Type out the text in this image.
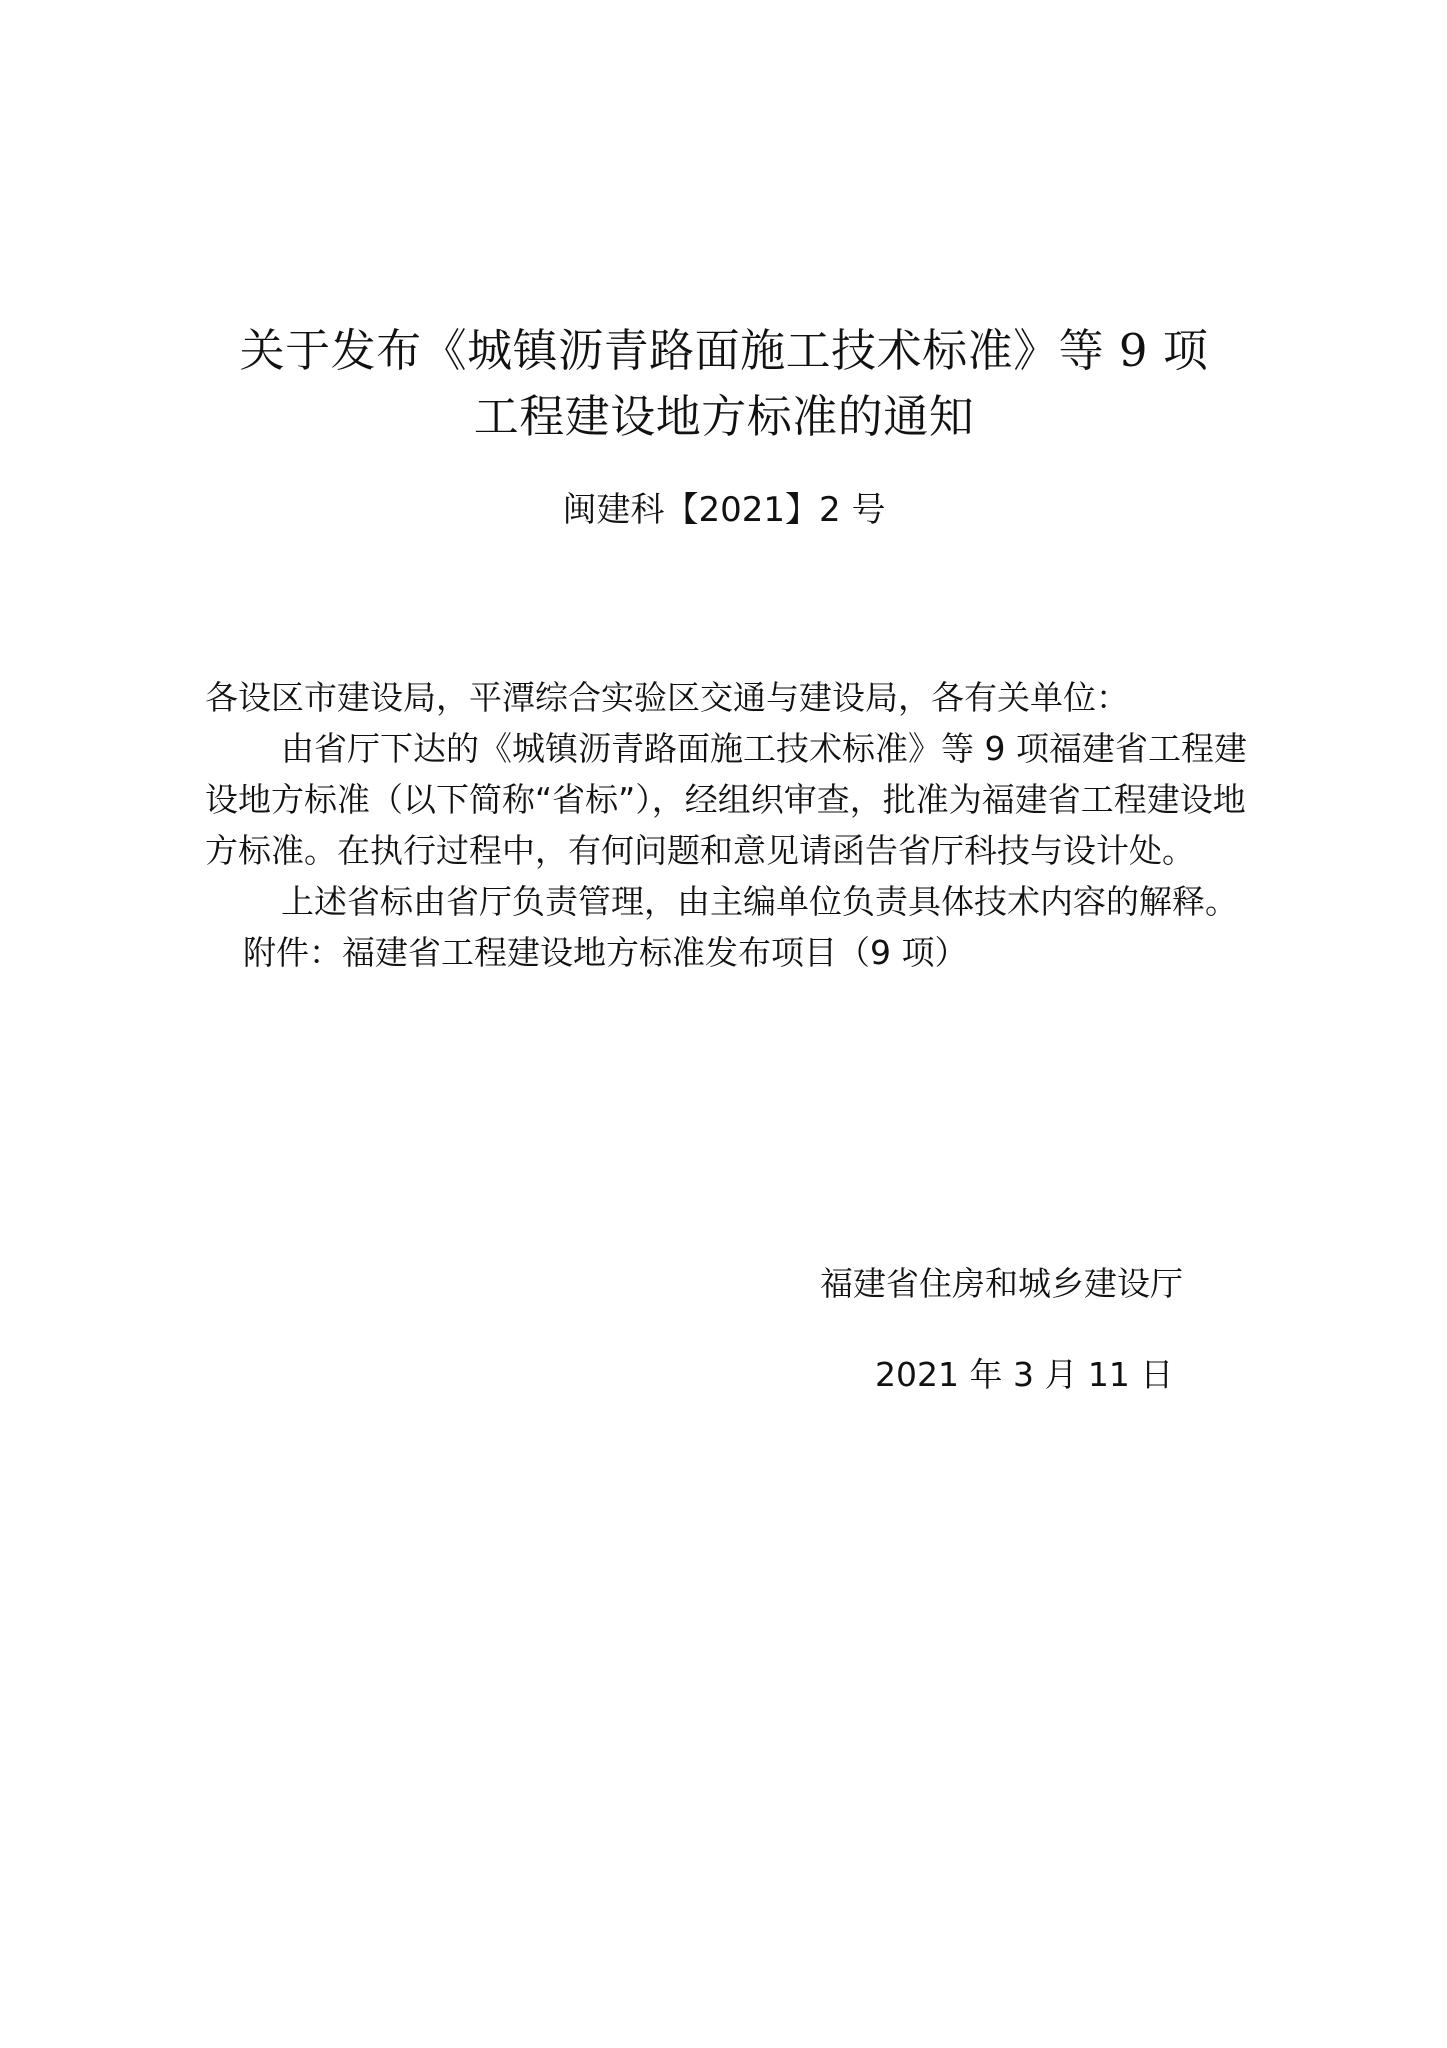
关于发布《城镇沥青路面施工技术标准》等 9 项
工程建设地方标准的通知
闽建科【2021】2 号

各设区市建设局，平潭综合实验区交通与建设局，各有关单位：

由省厅下达的《城镇沥青路面施工技术标准》等 9 项福建省工程建设地方标准（以下简称“省标”），经组织审查，批准为福建省工程建设地方标准。在执行过程中，有何问题和意见请函告省厅科技与设计处。

上述省标由省厅负责管理，由主编单位负责具体技术内容的解释。

附件：福建省工程建设地方标准发布项目（9 项）

福建省住房和城乡建设厅
2021 年 3 月 11 日
